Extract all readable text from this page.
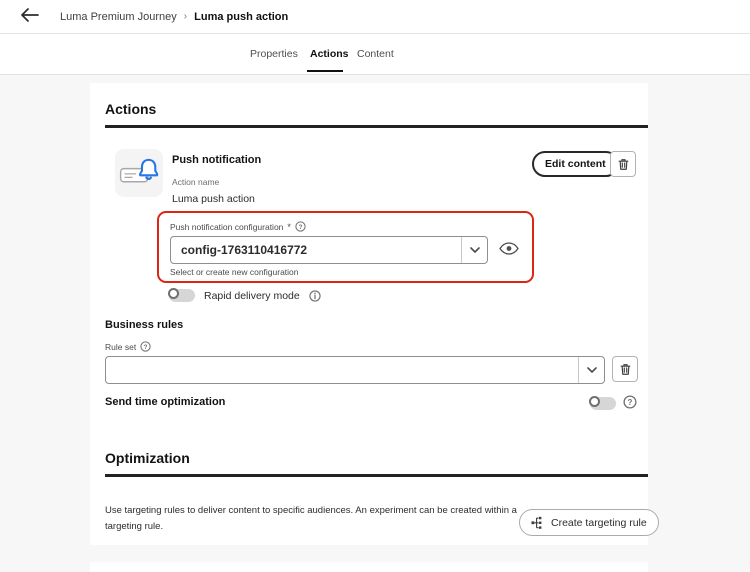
Luma Premium Journey › Luma push action
Properties Actions Content
Actions
Push notification
Action name
Luma push action
Edit content
Push notification configuration * ?
config-1763110416772
Select or create new configuration
Rapid delivery mode
Business rules
Rule set ?
Send time optimization	?
Optimization
Use targeting rules to deliver content to specific audiences. An experiment can be created within a targeting rule.	Create targeting rule
